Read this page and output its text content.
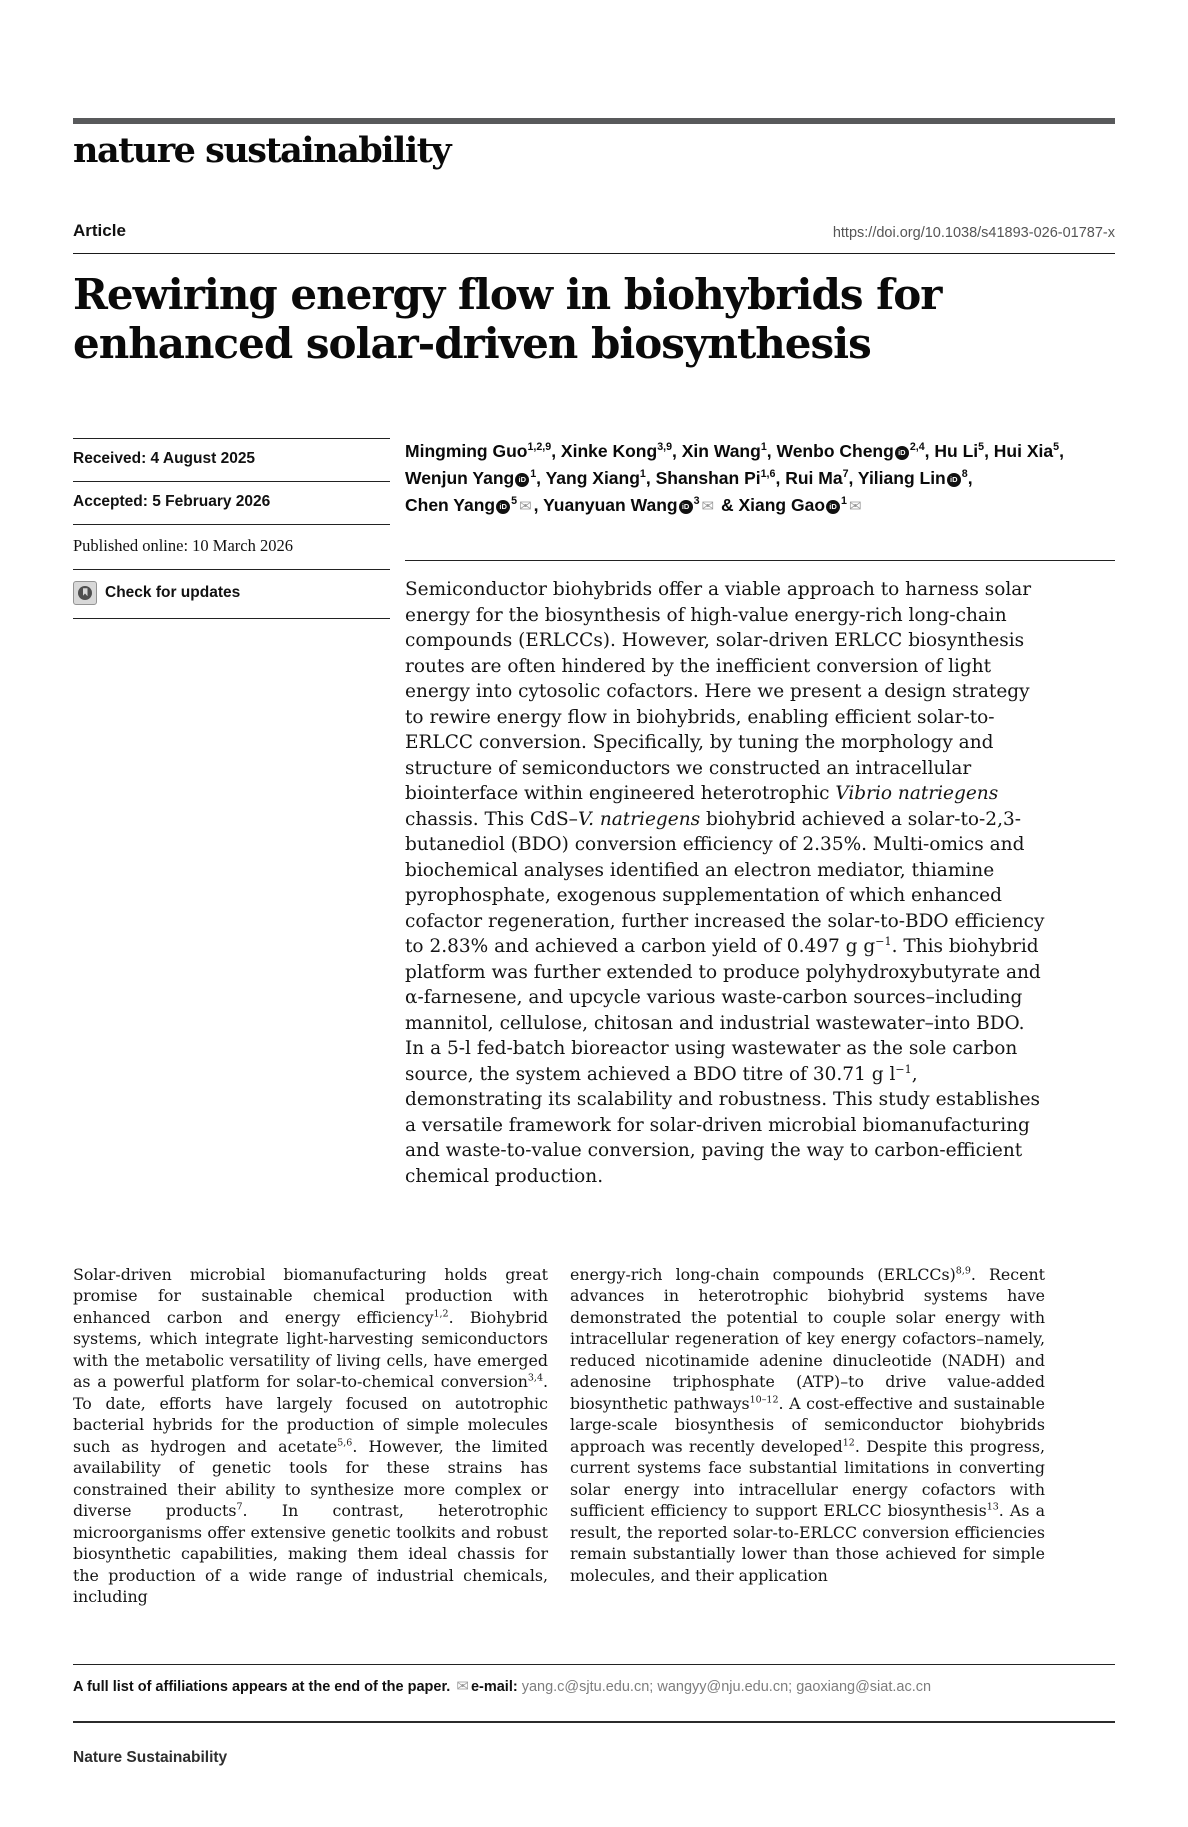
nature sustainability
Article	https://doi.org/10.1038/s41893-026-01787-x
Rewiring energy flow in biohybrids for enhanced solar-driven biosynthesis
Received: 4 August 2025
Accepted: 5 February 2026
Published online: 10 March 2026
Check for updates
Mingming Guo$^{1,2,9}$, Xinke Kong$^{3,9}$, Xin Wang$^1$, Wenbo Cheng iD $^{2,4}$, Hu Li$^5$, Hui Xia$^5$,
Wenjun Yang iD $^1$, Yang Xiang$^1$, Shanshan Pi$^{1,6}$, Rui Ma$^7$, Yiliang Lin iD $^8$,
Chen Yang iD $^5$ ✉ , Yuanyuan Wang iD $^3$ ✉ & Xiang Gao iD $^1$ ✉

Semiconductor biohybrids offer a viable approach to harness solar energy for the biosynthesis of high-value energy-rich long-chain compounds (ERLCCs). However, solar-driven ERLCC biosynthesis routes are often hindered by the inefficient conversion of light energy into cytosolic cofactors. Here we present a design strategy to rewire energy flow in biohybrids, enabling efficient solar-to-ERLCC conversion. Specifically, by tuning the morphology and structure of semiconductors we constructed an intracellular biointerface within engineered heterotrophic Vibrio natriegens chassis. This CdS–V. natriegens biohybrid achieved a solar-to-2,3-butanediol (BDO) conversion efficiency of 2.35%. Multi-omics and biochemical analyses identified an electron mediator, thiamine pyrophosphate, exogenous supplementation of which enhanced cofactor regeneration, further increased the solar-to-BDO efficiency to 2.83% and achieved a carbon yield of 0.497 g $g^{-1}$. This biohybrid platform was further extended to produce polyhydroxybutyrate and α-farnesene, and upcycle various waste-carbon sources–including mannitol, cellulose, chitosan and industrial wastewater–into BDO. In a 5-l fed-batch bioreactor using wastewater as the sole carbon source, the system achieved a BDO titre of 30.71 g $l^{-1}$, demonstrating its scalability and robustness. This study establishes a versatile framework for solar-driven microbial biomanufacturing and waste-to-value conversion, paving the way to carbon-efficient chemical production.

Solar-driven microbial biomanufacturing holds great promise for sustainable chemical production with enhanced carbon and energy efficiency$^{1,2}$. Biohybrid systems, which integrate light-harvesting semiconductors with the metabolic versatility of living cells, have emerged as a powerful platform for solar-to-chemical conversion$^{3,4}$. To date, efforts have largely focused on autotrophic bacterial hybrids for the production of simple molecules such as hydrogen and acetate$^{5,6}$. However, the limited availability of genetic tools for these strains has constrained their ability to synthesize more complex or diverse products$^7$. In contrast, heterotrophic microorganisms offer extensive genetic toolkits and robust biosynthetic capabilities, making them ideal chassis for the production of a wide range of industrial chemicals, including
energy-rich long-chain compounds (ERLCCs)$^{8,9}$. Recent advances in heterotrophic biohybrid systems have demonstrated the potential to couple solar energy with intracellular regeneration of key energy cofactors–namely, reduced nicotinamide adenine dinucleotide (NADH) and adenosine triphosphate (ATP)–to drive value-added biosynthetic pathways$^{10-12}$. A cost-effective and sustainable large-scale biosynthesis of semiconductor biohybrids approach was recently developed$^{12}$. Despite this progress, current systems face substantial limitations in converting solar energy into intracellular energy cofactors with sufficient efficiency to support ERLCC biosynthesis$^{13}$. As a result, the reported solar-to-ERLCC conversion efficiencies remain substantially lower than those achieved for simple molecules, and their application
A full list of affiliations appears at the end of the paper. ✉ e-mail: yang.c@sjtu.edu.cn; wangyy@nju.edu.cn; gaoxiang@siat.ac.cn
Nature Sustainability
